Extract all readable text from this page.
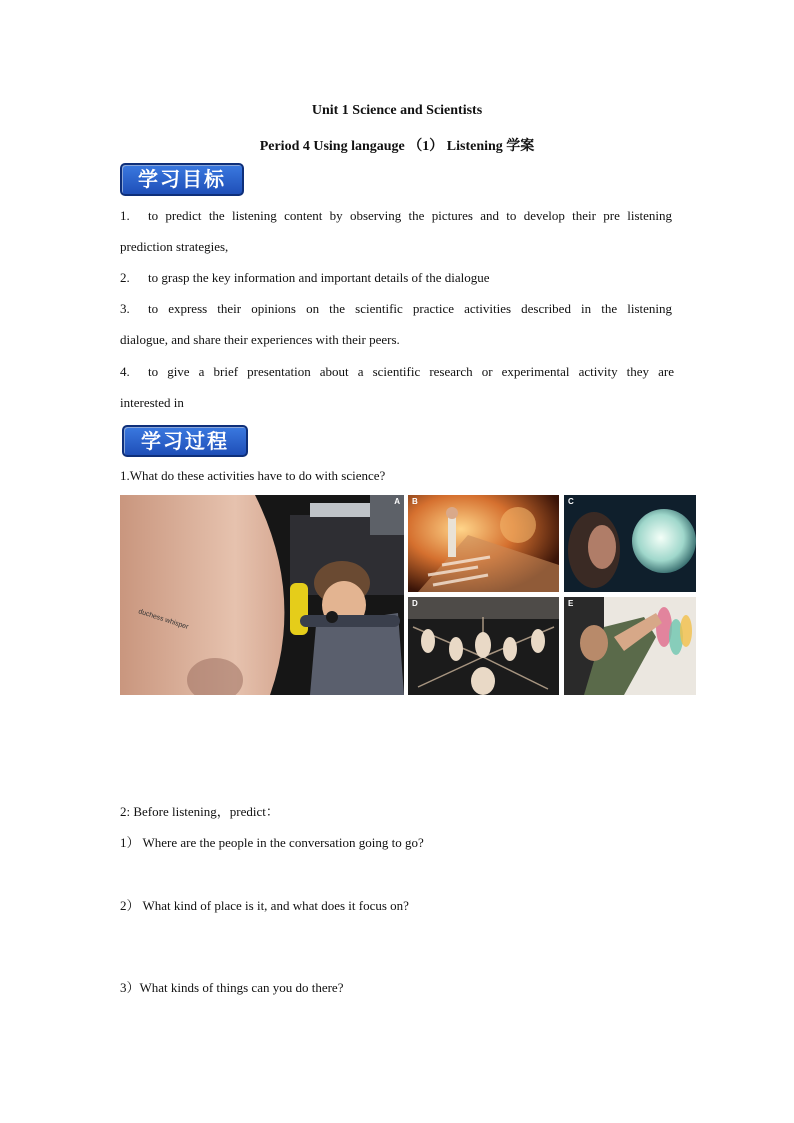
Unit 1 Science and Scientists
Period 4 Using langauge （1） Listening 学案
学习目标
1. to predict the listening content by observing the pictures and to develop their pre listening
prediction strategies,
2. to grasp the key information and important details of the dialogue
3. to express their opinions on the scientific practice activities described in the listening
dialogue, and share their experiences with their peers.
4. to give a brief presentation about a scientific research or experimental activity they are
interested in
学习过程
1.What do these activities have to do with science?
duchess whisper
A B	C
D	E
2: Before listening，predict：
1） Where are the people in the conversation going to go?
2） What kind of place is it, and what does it focus on?
3）What kinds of things can you do there?
